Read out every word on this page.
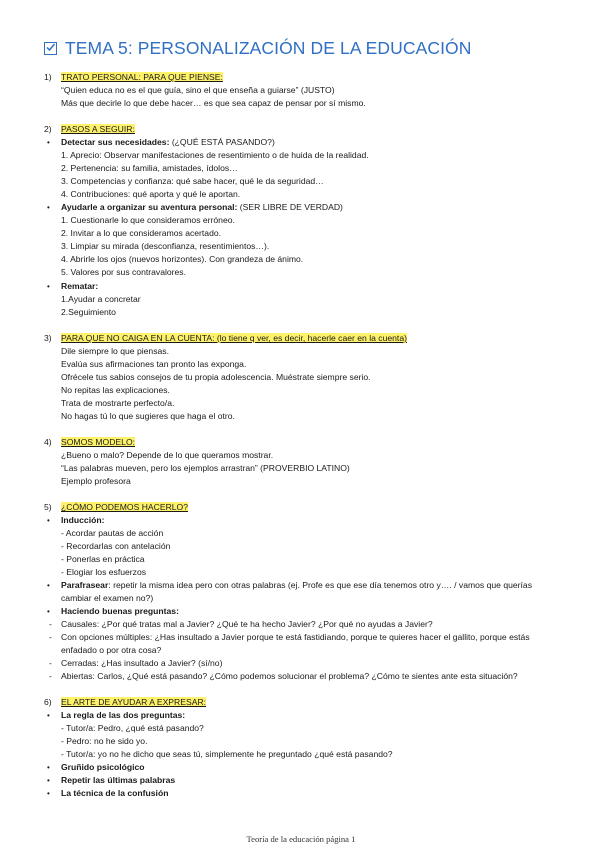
TEMA 5: PERSONALIZACIÓN DE LA EDUCACIÓN
1) TRATO PERSONAL: PARA QUE PIENSE:
“Quien educa no es el que guía, sino el que enseña a guiarse” (JUSTO)
Más que decirle lo que debe hacer… es que sea capaz de pensar por sí mismo.
2) PASOS A SEGUIR:
• Detectar sus necesidades: (¿QUÉ ESTÁ PASANDO?)
1. Aprecio: Observar manifestaciones de resentimiento o de huida de la realidad.
2. Pertenencia: su familia, amistades, ídolos…
3. Competencias y confianza: qué sabe hacer, qué le da seguridad…
4. Contribuciones: qué aporta y qué le aportan.
• Ayudarle a organizar su aventura personal: (SER LIBRE DE VERDAD)
1. Cuestionarle lo que consideramos erróneo.
2. Invitar a lo que consideramos acertado.
3. Limpiar su mirada (desconfianza, resentimientos…).
4. Abrirle los ojos (nuevos horizontes). Con grandeza de ánimo.
5. Valores por sus contravalores.
• Rematar:
1.Ayudar a concretar
2.Seguimiento
3) PARA QUE NO CAIGA EN LA CUENTA: (lo tiene q ver, es decir, hacerle caer en la cuenta)
Dile siempre lo que piensas.
Evalúa sus afirmaciones tan pronto las exponga.
Ofrécele tus sabios consejos de tu propia adolescencia. Muéstrate siempre serio.
No repitas las explicaciones.
Trata de mostrarte perfecto/a.
No hagas tú lo que sugieres que haga el otro.
4) SOMOS MODELO:
¿Bueno o malo? Depende de lo que queramos mostrar.
“Las palabras mueven, pero los ejemplos arrastran” (PROVERBIO LATINO)
Ejemplo profesora
5) ¿CÓMO PODEMOS HACERLO?
• Inducción:
- Acordar pautas de acción
- Recordarlas con antelación
- Ponerlas en práctica
- Elogiar los esfuerzos
• Parafrasear: repetir la misma idea pero con otras palabras (ej. Profe es que ese día tenemos otro y…. / vamos que querías
cambiar el examen no?)
• Haciendo buenas preguntas:
- Causales: ¿Por qué tratas mal a Javier? ¿Qué te ha hecho Javier? ¿Por qué no ayudas a Javier?
- Con opciones múltiples: ¿Has insultado a Javier porque te está fastidiando, porque te quieres hacer el gallito, porque estás
enfadado o por otra cosa?
- Cerradas: ¿Has insultado a Javier? (sí/no)
- Abiertas: Carlos, ¿Qué está pasando? ¿Cómo podemos solucionar el problema? ¿Cómo te sientes ante esta situación?
6) EL ARTE DE AYUDAR A EXPRESAR:
• La regla de las dos preguntas:
- Tutor/a: Pedro, ¿qué está pasando?
- Pedro: no he sido yo.
- Tutor/a: yo no he dicho que seas tú, simplemente he preguntado ¿qué está pasando?
• Gruñido psicológico
• Repetir las últimas palabras
• La técnica de la confusión
Teoría de la educación página 1
